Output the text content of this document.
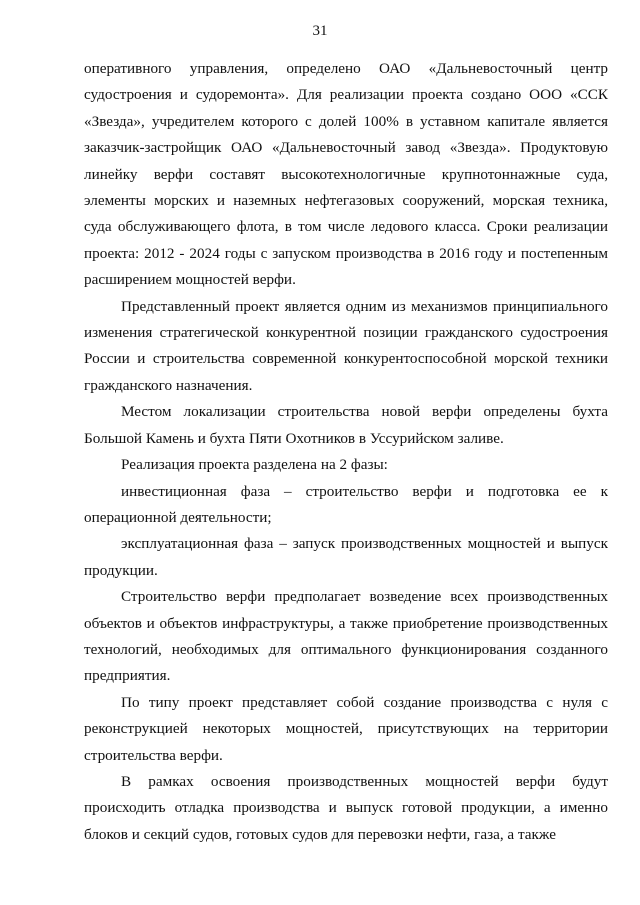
31

оперативного управления, определено ОАО «Дальневосточный центр судостроения и судоремонта». Для реализации проекта создано ООО «ССК «Звезда», учредителем которого с долей 100% в уставном капитале является заказчик-застройщик ОАО «Дальневосточный завод «Звезда». Продуктовую линейку верфи составят высокотехнологичные крупнотоннажные суда, элементы морских и наземных нефтегазовых сооружений, морская техника, суда обслуживающего флота, в том числе ледового класса. Сроки реализации проекта: 2012 - 2024 годы с запуском производства в 2016 году и постепенным расширением мощностей верфи.

Представленный проект является одним из механизмов принципиального изменения стратегической конкурентной позиции гражданского судостроения России и строительства современной конкурентоспособной морской техники гражданского назначения.

Местом локализации строительства новой верфи определены бухта Большой Камень и бухта Пяти Охотников в Уссурийском заливе.

Реализация проекта разделена на 2 фазы:

инвестиционная фаза – строительство верфи и подготовка ее к операционной деятельности;

эксплуатационная фаза – запуск производственных мощностей и выпуск продукции.

Строительство верфи предполагает возведение всех производственных объектов и объектов инфраструктуры, а также приобретение производственных технологий, необходимых для оптимального функционирования созданного предприятия.

По типу проект представляет собой создание производства с нуля с реконструкцией некоторых мощностей, присутствующих на территории строительства верфи.

В рамках освоения производственных мощностей верфи будут происходить отладка производства и выпуск готовой продукции, а именно блоков и секций судов, готовых судов для перевозки нефти, газа, а также
